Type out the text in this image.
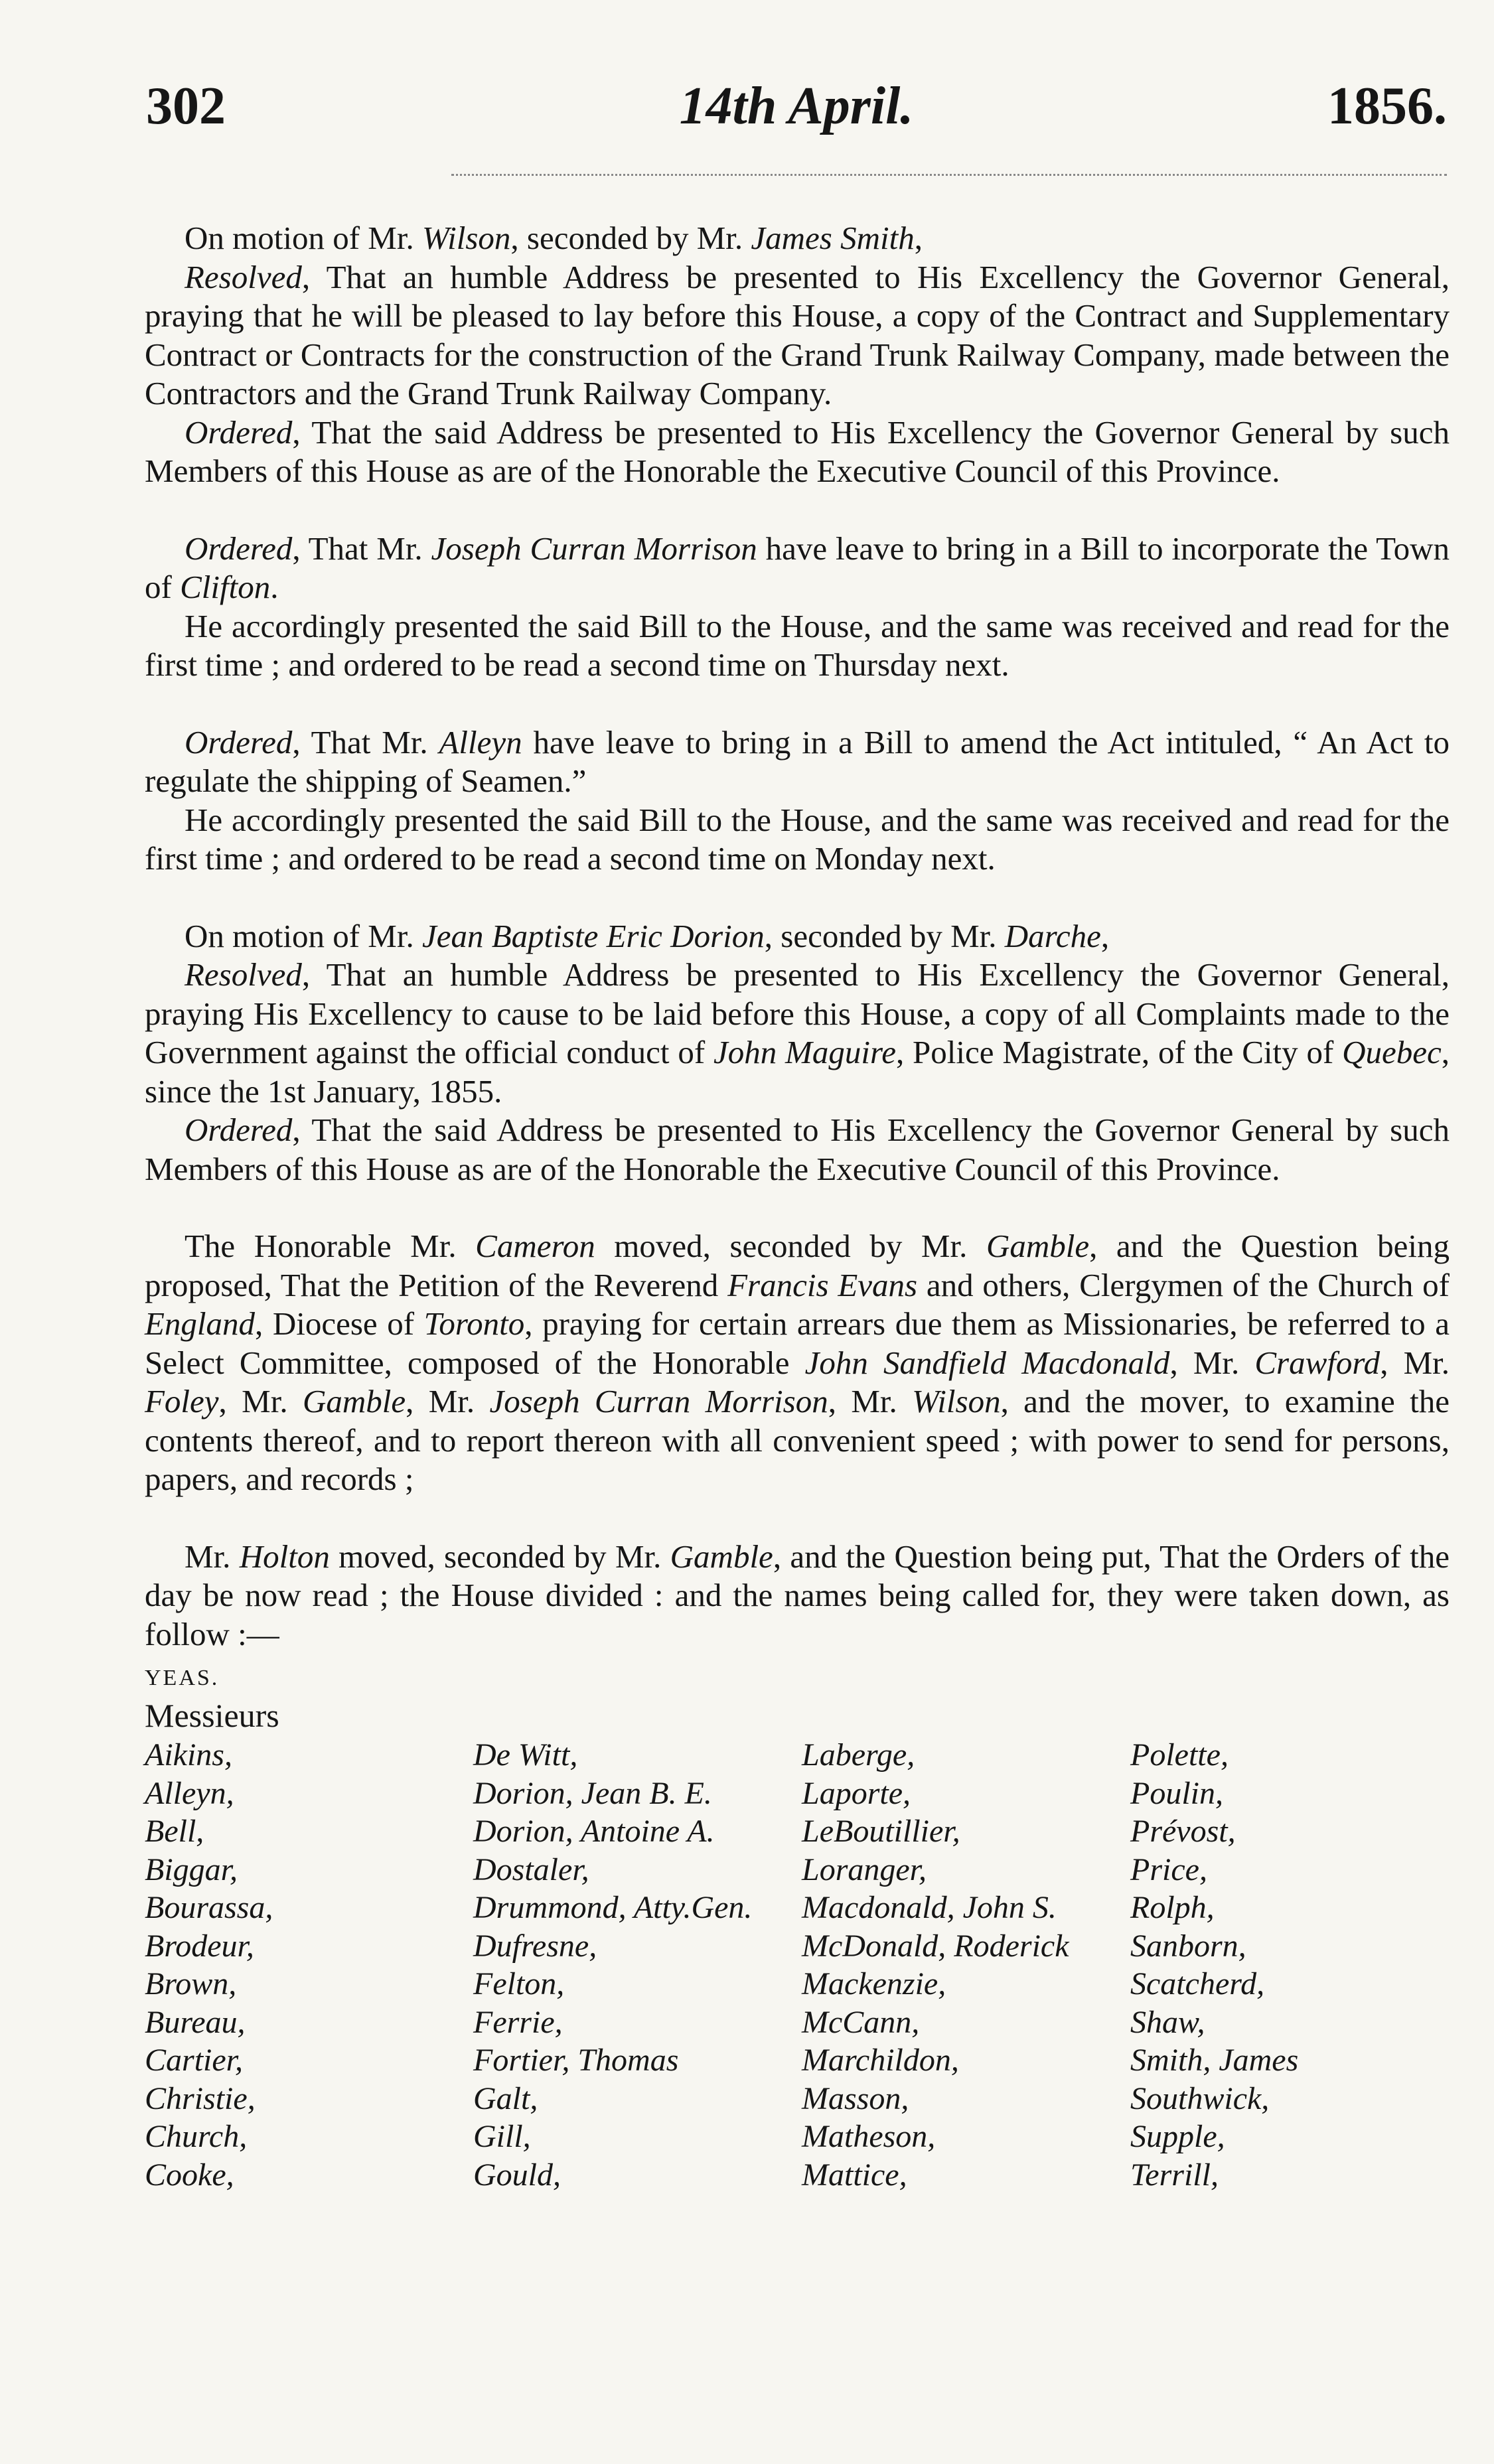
302	14th April.	1856.

On motion of Mr. Wilson, seconded by Mr. James Smith,

Resolved, That an humble Address be presented to His Excellency the Governor General, praying that he will be pleased to lay before this House, a copy of the Contract and Supplementary Contract or Contracts for the construction of the Grand Trunk Railway Company, made between the Contractors and the Grand Trunk Railway Company.

Ordered, That the said Address be presented to His Excellency the Governor General by such Members of this House as are of the Honorable the Executive Council of this Province.

Ordered, That Mr. Joseph Curran Morrison have leave to bring in a Bill to incorporate the Town of Clifton.

He accordingly presented the said Bill to the House, and the same was received and read for the first time ; and ordered to be read a second time on Thursday next.

Ordered, That Mr. Alleyn have leave to bring in a Bill to amend the Act intituled, “ An Act to regulate the shipping of Seamen.”

He accordingly presented the said Bill to the House, and the same was received and read for the first time ; and ordered to be read a second time on Monday next.

On motion of Mr. Jean Baptiste Eric Dorion, seconded by Mr. Darche,

Resolved, That an humble Address be presented to His Excellency the Governor General, praying His Excellency to cause to be laid before this House, a copy of all Complaints made to the Government against the official conduct of John Maguire, Police Magistrate, of the City of Quebec, since the 1st January, 1855.

Ordered, That the said Address be presented to His Excellency the Governor General by such Members of this House as are of the Honorable the Executive Council of this Province.

The Honorable Mr. Cameron moved, seconded by Mr. Gamble, and the Question being proposed, That the Petition of the Reverend Francis Evans and others, Clergymen of the Church of England, Diocese of Toronto, praying for certain arrears due them as Missionaries, be referred to a Select Committee, composed of the Honorable John Sandfield Macdonald, Mr. Crawford, Mr. Foley, Mr. Gamble, Mr. Joseph Curran Morrison, Mr. Wilson, and the mover, to examine the contents thereof, and to report thereon with all convenient speed ; with power to send for persons, papers, and records ;

Mr. Holton moved, seconded by Mr. Gamble, and the Question being put, That the Orders of the day be now read ; the House divided : and the names being called for, they were taken down, as follow :—

YEAS.
Messieurs
Aikins,	De Witt,	Laberge,	Polette,
Alleyn,	Dorion, Jean B. E.	Laporte,	Poulin,
Bell,	Dorion, Antoine A.	LeBoutillier,	Prévost,
Biggar,	Dostaler,	Loranger,	Price,
Bourassa,	Drummond, Atty.Gen.	Macdonald, John S.	Rolph,
Brodeur,	Dufresne,	McDonald, Roderick	Sanborn,
Brown,	Felton,	Mackenzie,	Scatcherd,
Bureau,	Ferrie,	McCann,	Shaw,
Cartier,	Fortier, Thomas	Marchildon,	Smith, James
Christie,	Galt,	Masson,	Southwick,
Church,	Gill,	Matheson,	Supple,
Cooke,	Gould,	Mattice,	Terrill,
